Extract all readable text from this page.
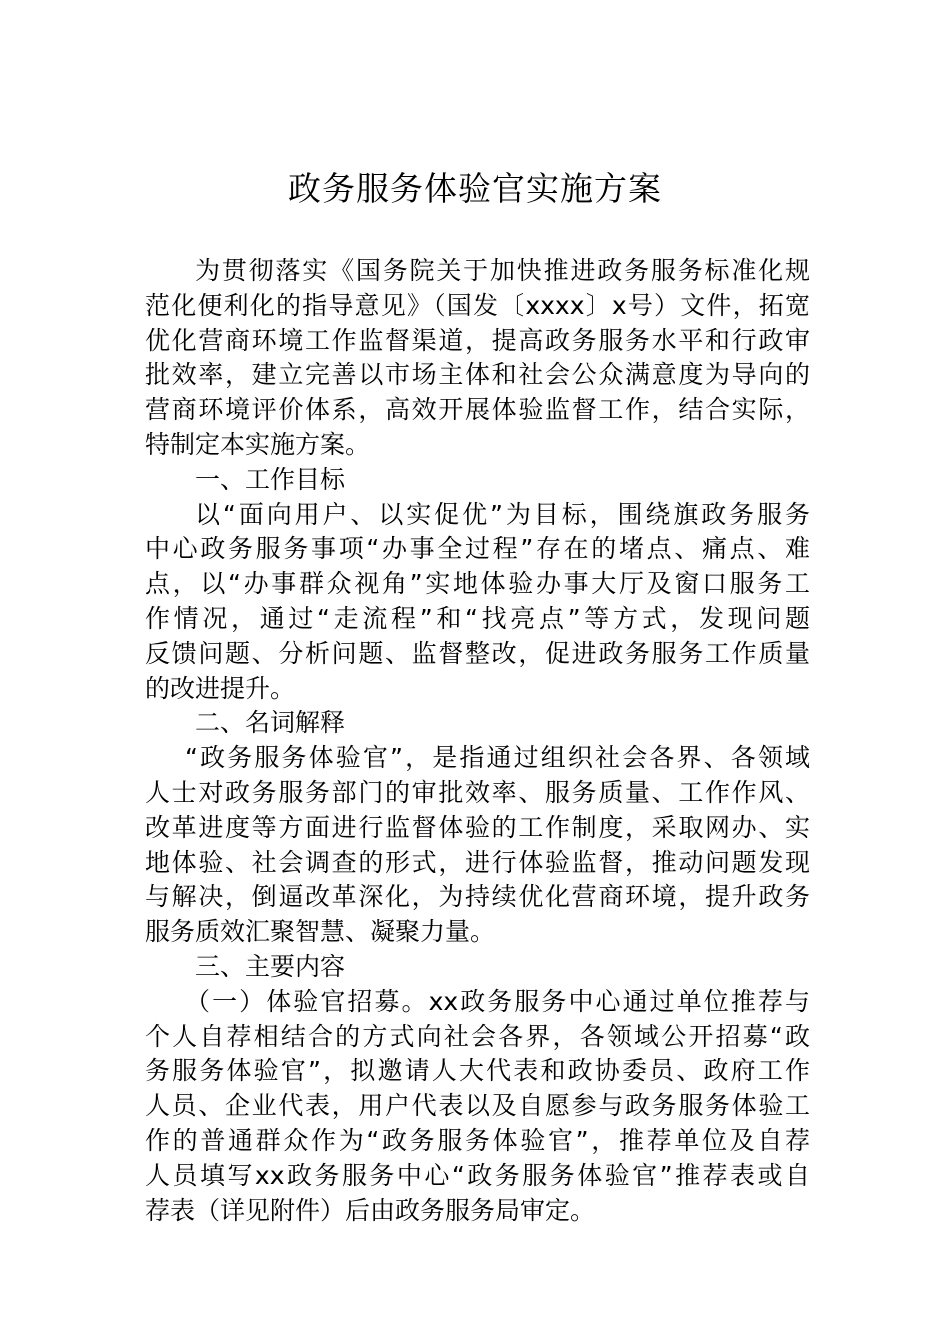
政务服务体验官实施方案
为贯彻落实《国务院关于加快推进政务服务标准化规
范化便利化的指导意见》（国发〔xxxx〕x号）文件，拓宽
优化营商环境工作监督渠道，提高政务服务水平和行政审
批效率，建立完善以市场主体和社会公众满意度为导向的
营商环境评价体系，高效开展体验监督工作，结合实际，
特制定本实施方案。
一、工作目标
以“面向用户、以实促优”为目标，围绕旗政务服务
中心政务服务事项“办事全过程”存在的堵点、痛点、难
点，以“办事群众视角”实地体验办事大厅及窗口服务工
作情况，通过“走流程”和“找亮点”等方式，发现问题
反馈问题、分析问题、监督整改，促进政务服务工作质量
的改进提升。
二、名词解释
“政务服务体验官”，是指通过组织社会各界、各领域
人士对政务服务部门的审批效率、服务质量、工作作风、
改革进度等方面进行监督体验的工作制度，采取网办、实
地体验、社会调查的形式，进行体验监督，推动问题发现
与解决，倒逼改革深化，为持续优化营商环境，提升政务
服务质效汇聚智慧、凝聚力量。
三、主要内容
（一）体验官招募。xx政务服务中心通过单位推荐与
个人自荐相结合的方式向社会各界，各领域公开招募“政
务服务体验官”，拟邀请人大代表和政协委员、政府工作
人员、企业代表，用户代表以及自愿参与政务服务体验工
作的普通群众作为“政务服务体验官”，推荐单位及自荐
人员填写xx政务服务中心“政务服务体验官”推荐表或自
荐表（详见附件）后由政务服务局审定。
